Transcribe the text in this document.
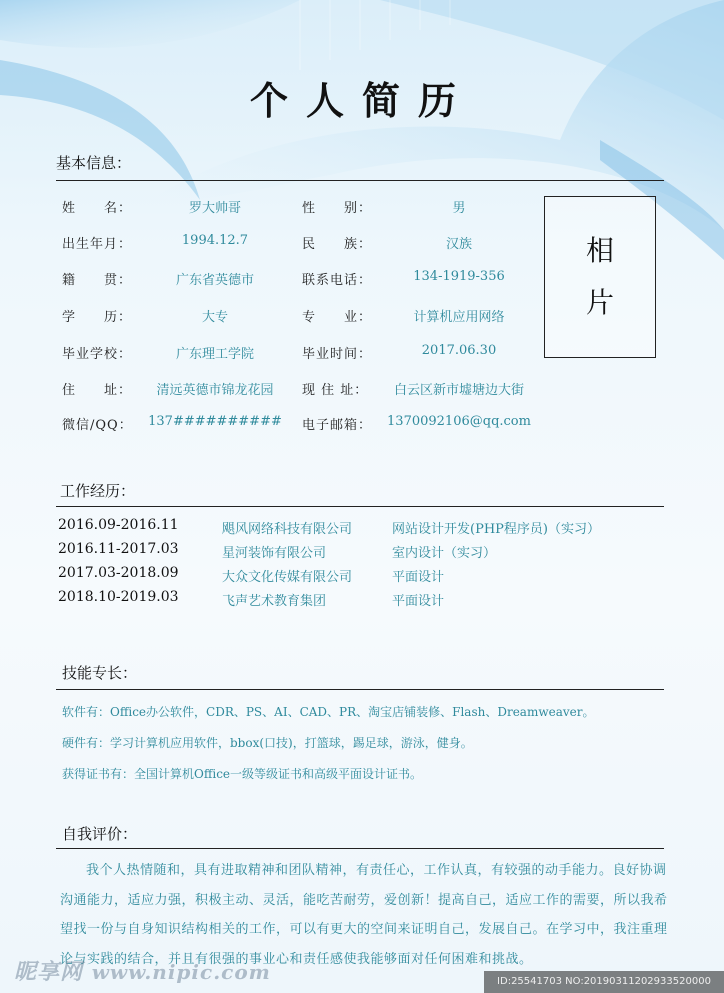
个人简历
基本信息：
姓　　名：	罗大帅哥	性　　别：	男
出生年月：	1994.12.7	民　　族：	汉族
籍　　贯：	广东省英德市	联系电话：	134-1919-356
学　　历：	大专	专　　业：	计算机应用网络
毕业学校：	广东理工学院	毕业时间：	2017.06.30
住　　址：	清远英德市锦龙花园	现 住 址：	白云区新市墟塘边大街
微信/QQ：	137##########	电子邮箱： 1370092106@qq.com
相
片
工作经历：
2016.09-2016.11	飓风网络科技有限公司	网站设计开发(PHP程序员)（实习）
2016.11-2017.03	星河装饰有限公司	室内设计（实习）
2017.03-2018.09	大众文化传媒有限公司	平面设计
2018.10-2019.03	飞声艺术教育集团	平面设计
技能专长：
软件有：Office办公软件，CDR、PS、AI、CAD、PR、淘宝店铺装修、Flash、Dreamweaver。
硬件有：学习计算机应用软件，bbox(口技)，打篮球，踢足球，游泳，健身。
获得证书有：全国计算机Office一级等级证书和高级平面设计证书。
自我评价：
我个人热情随和，具有进取精神和团队精神，有责任心，工作认真，有较强的动手能力。良好协调沟通能力，适应力强，积极主动、灵活，能吃苦耐劳，爱创新！提高自己，适应工作的需要，所以我希望找一份与自身知识结构相关的工作，可以有更大的空间来证明自己，发展自己。在学习中，我注重理论与实践的结合，并且有很强的事业心和责任感使我能够面对任何困难和挑战。
昵享网 www.nipic.com	ID:25541703 NO:20190311202933520000
